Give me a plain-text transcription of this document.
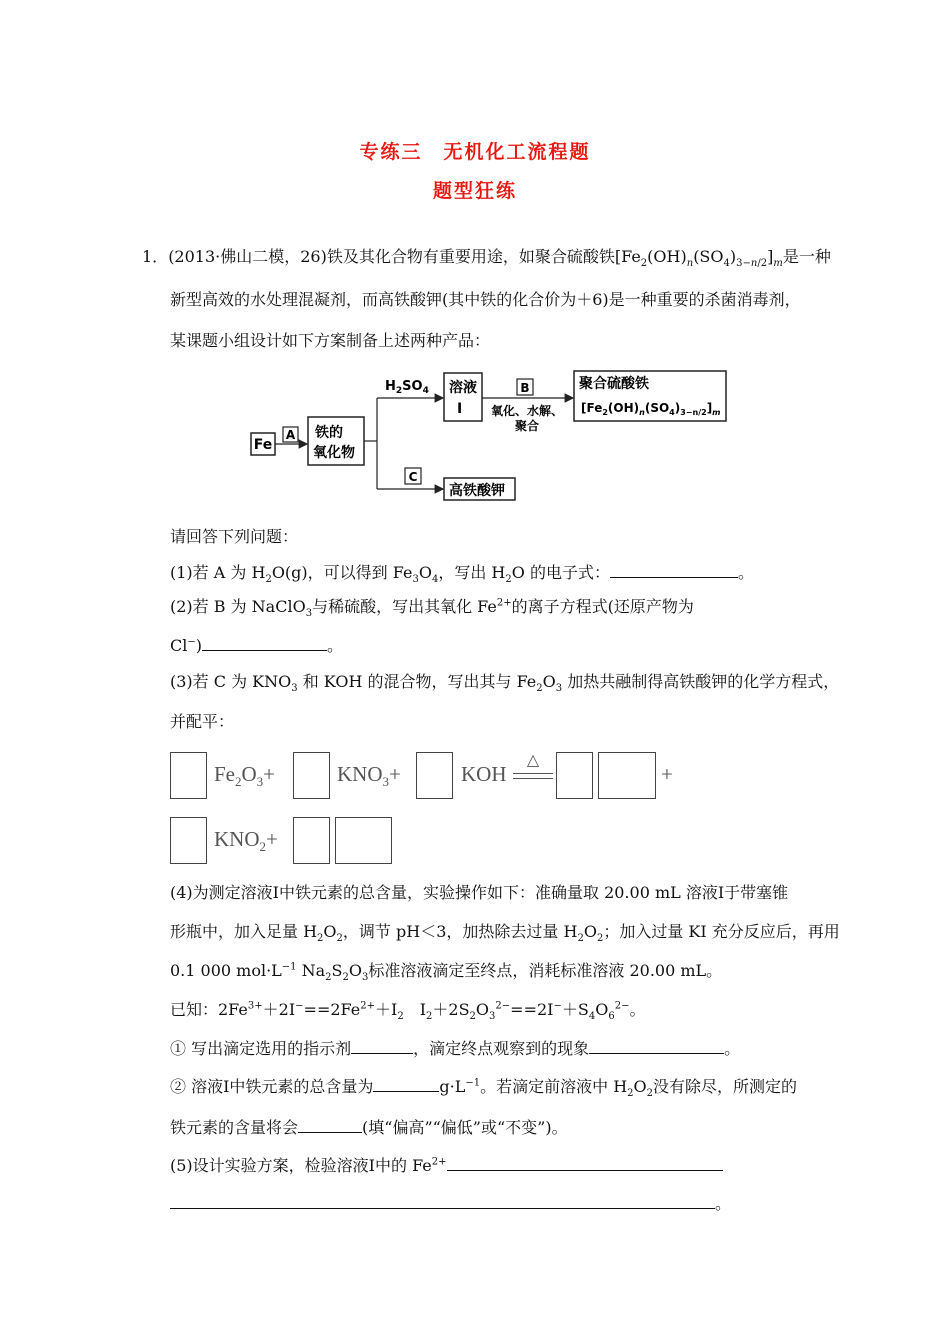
专练三　无机化工流程题
题型狂练
1．(2013·佛山二模，26)铁及其化合物有重要用途，如聚合硫酸铁$[Fe_2(OH)_n(SO_4)_{3-n/2}]_m$是一种
新型高效的水处理混凝剂，而高铁酸钾(其中铁的化合价为＋6)是一种重要的杀菌消毒剂，
某课题小组设计如下方案制备上述两种产品：
Fe
A 铁的
氧化物
$H_2SO_4$ 溶液
Ⅰ
B
氧化、水解、
聚合
聚合硫酸铁
$[Fe_2(OH)_n(SO_4)_{3-n/2}]_m$
C
高铁酸钾
请回答下列问题：
(1)若 A 为 $H_2O(g)$，可以得到 $Fe_3O_4$，写出 $H_2O$ 的电子式：	。
(2)若 B 为 NaClO$_3$与稀硫酸，写出其氧化 $Fe^{2+}$的离子方程式(还原产物为
Cl−)	。
(3)若 C 为 $KNO_3$ 和 KOH 的混合物，写出其与 $Fe_2O_3$ 加热共融制得高铁酸钾的化学方程式，
并配平：
$Fe_2O_3+$	$KNO_3+$	KOH
△
+
$KNO_2+$
(4)为测定溶液Ⅰ中铁元素的总含量，实验操作如下：准确量取 20.00 mL 溶液Ⅰ于带塞锥
形瓶中，加入足量 $H_2O_2$，调节 pH＜3，加热除去过量 $H_2O_2$；加入过量 KI 充分反应后，再用
0.1 000 $mol\cdot L^{-1}$ $Na_2S_2O_3$标准溶液滴定至终点，消耗标准溶液 20.00 mL。
已知：$2Fe^{3+}+2I^-==2Fe^{2+}+I_2$　$I_2+2S_2O_3^{2-}==2I^-+S_4O_6^{2-}$。
① 写出滴定选用的指示剂	，滴定终点观察到的现象	。
② 溶液Ⅰ中铁元素的总含量为	$g\cdot L^{-1}$。若滴定前溶液中 $H_2O_2$没有除尽，所测定的
铁元素的含量将会	(填“偏高”“偏低”或“不变”)。
(5)设计实验方案，检验溶液Ⅰ中的 $Fe^{2+}$
。
